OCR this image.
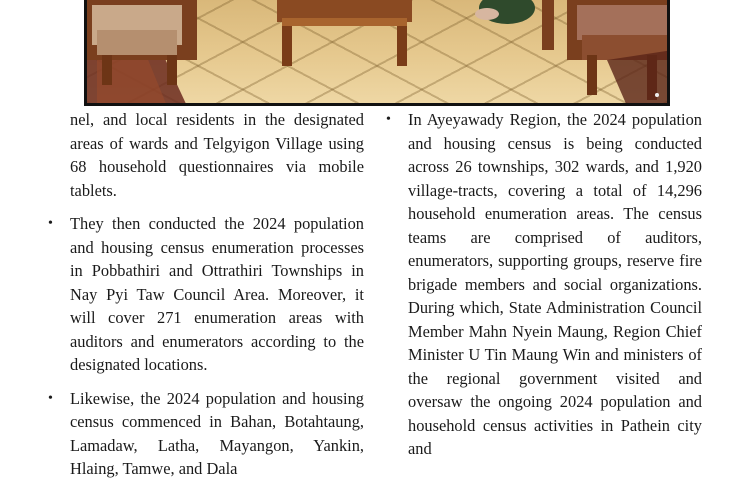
nel, and local residents in the designated areas of wards and Telgyigon Village using 68 household questionnaires via mobile tablets.

•	They then conducted the 2024 population and housing census enumeration processes in Pobbathiri and Ottrathiri Townships in Nay Pyi Taw Council Area. Moreover, it will cover 271 enumeration areas with auditors and enumerators according to the designated locations.

•	Likewise, the 2024 population and housing census commenced in Bahan, Botahtaung, Lamadaw, Latha, Mayangon, Yankin, Hlaing, Tamwe, and Dala

•	In Ayeyawady Region, the 2024 population and housing census is being conducted across 26 townships, 302 wards, and 1,920 village-tracts, covering a total of 14,296 household enumeration areas. The census teams are comprised of auditors, enumerators, supporting groups, reserve fire brigade members and social organizations. During which, State Administration Council Member Mahn Nyein Maung, Region Chief Minister U Tin Maung Win and ministers of the regional government visited and oversaw the ongoing 2024 population and household census activities in Pathein city and
